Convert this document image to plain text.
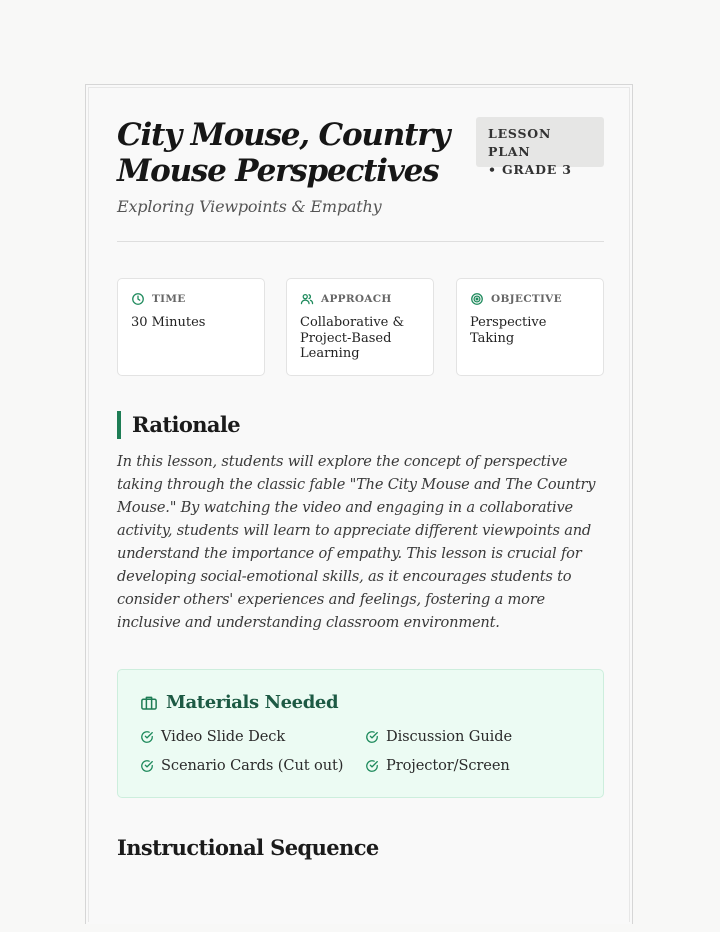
City Mouse, Country Mouse Perspectives

Exploring Viewpoints & Empathy

LESSON PLAN
• GRADE 3
TIME
30 Minutes
APPROACH
Collaborative & Project-Based Learning
OBJECTIVE
Perspective Taking
Rationale

In this lesson, students will explore the concept of perspective taking through the classic fable "The City Mouse and The Country Mouse." By watching the video and engaging in a collaborative activity, students will learn to appreciate different viewpoints and understand the importance of empathy. This lesson is crucial for developing social-emotional skills, as it encourages students to consider others' experiences and feelings, fostering a more inclusive and understanding classroom environment.

Materials Needed
Video Slide Deck	Discussion Guide
Scenario Cards (Cut out)	Projector/Screen
Instructional Sequence
